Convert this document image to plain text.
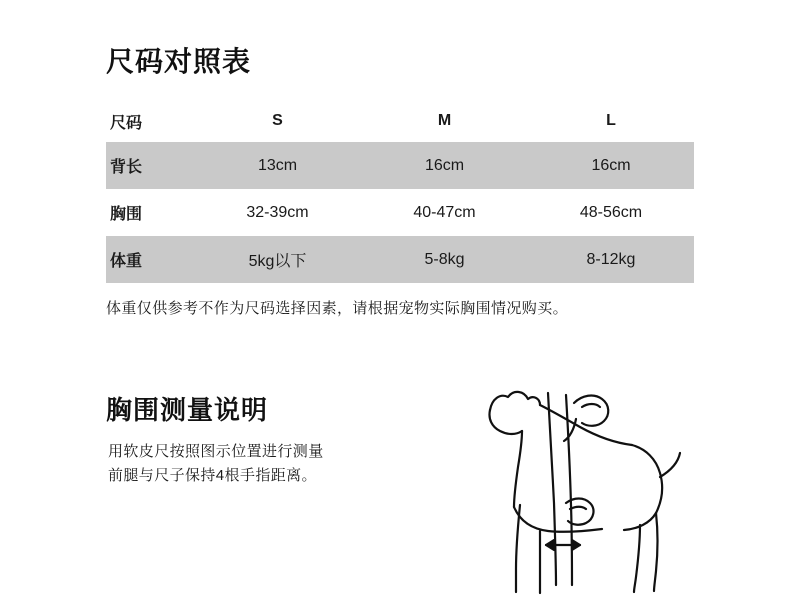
尺码对照表
尺码	S	M	L
背长	13cm	16cm	16cm
胸围	32-39cm	40-47cm	48-56cm
体重	5kg以下	5-8kg	8-12kg
体重仅供参考不作为尺码选择因素，请根据宠物实际胸围情况购买。
胸围测量说明
用软皮尺按照图示位置进行测量
前腿与尺子保持4根手指距离。
